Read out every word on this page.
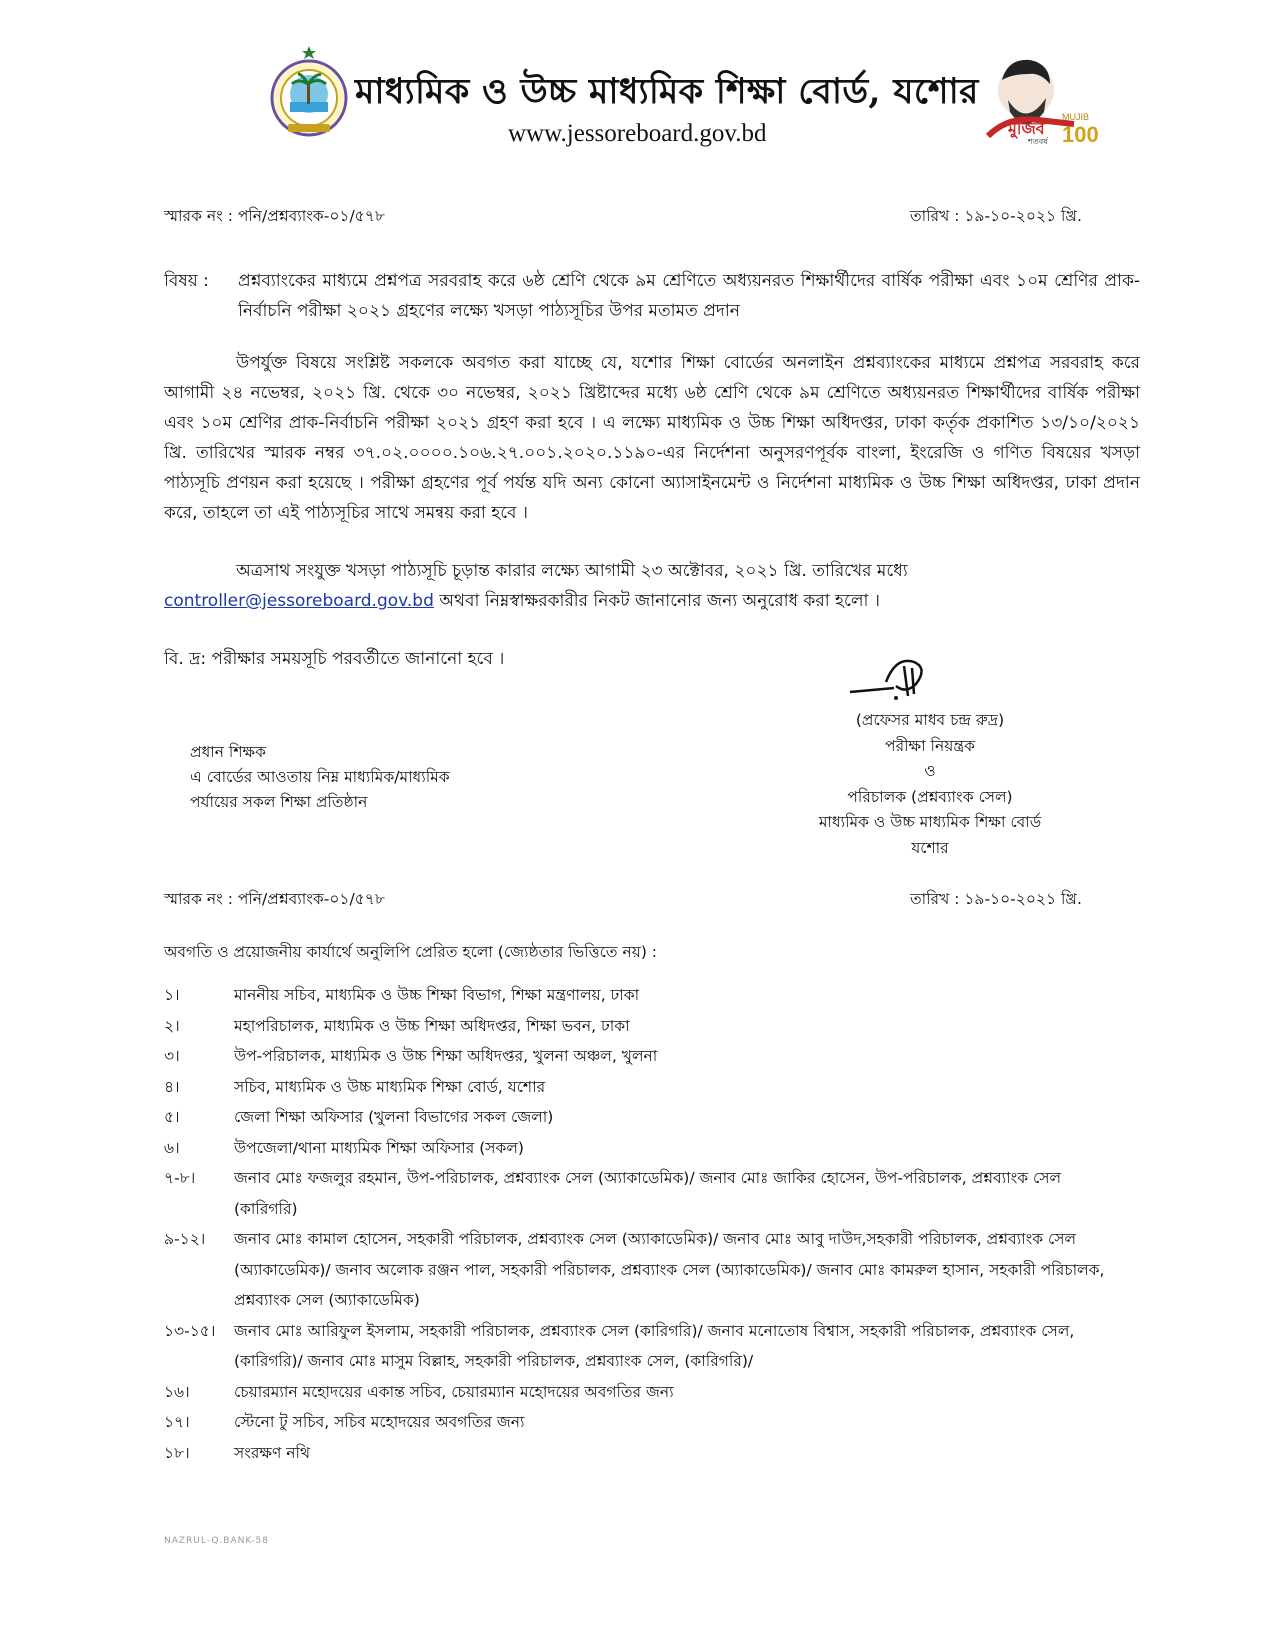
মাধ্যমিক ও উচ্চ মাধ্যমিক শিক্ষা বোর্ড, যশোর
www.jessoreboard.gov.bd	মুজিব
শতবর্ষ
MUJIB
100
স্মারক নং : পনি/প্রশ্নব্যাংক-০১/৫৭৮	তারিখ : ১৯-১০-২০২১ খ্রি.
বিষয় : প্রশ্নব্যাংকের মাধ্যমে প্রশ্নপত্র সরবরাহ করে ৬ষ্ঠ শ্রেণি থেকে ৯ম শ্রেণিতে অধ্যয়নরত শিক্ষার্থীদের বার্ষিক পরীক্ষা এবং ১০ম শ্রেণির প্রাক-নির্বাচনি পরীক্ষা ২০২১ গ্রহণের লক্ষ্যে খসড়া পাঠ্যসূচির উপর মতামত প্রদান
উপর্যুক্ত বিষয়ে সংশ্লিষ্ট সকলকে অবগত করা যাচ্ছে যে, যশোর শিক্ষা বোর্ডের অনলাইন প্রশ্নব্যাংকের মাধ্যমে প্রশ্নপত্র সরবরাহ করে আগামী ২৪ নভেম্বর, ২০২১ খ্রি. থেকে ৩০ নভেম্বর, ২০২১ খ্রিষ্টাব্দের মধ্যে ৬ষ্ঠ শ্রেণি থেকে ৯ম শ্রেণিতে অধ্যয়নরত শিক্ষার্থীদের বার্ষিক পরীক্ষা এবং ১০ম শ্রেণির প্রাক-নির্বাচনি পরীক্ষা ২০২১ গ্রহণ করা হবে । এ লক্ষ্যে মাধ্যমিক ও উচ্চ শিক্ষা অধিদপ্তর, ঢাকা কর্তৃক প্রকাশিত ১৩/১০/২০২১ খ্রি. তারিখের স্মারক নম্বর ৩৭.০২.০০০০.১০৬.২৭.০০১.২০২০.১১৯০-এর নির্দেশনা অনুসরণপূর্বক বাংলা, ইংরেজি ও গণিত বিষয়ের খসড়া পাঠ্যসূচি প্রণয়ন করা হয়েছে । পরীক্ষা গ্রহণের পূর্ব পর্যন্ত যদি অন্য কোনো অ্যাসাইনমেন্ট ও নির্দেশনা মাধ্যমিক ও উচ্চ শিক্ষা অধিদপ্তর, ঢাকা প্রদান করে, তাহলে তা এই পাঠ্যসূচির সাথে সমন্বয় করা হবে ।
অত্রসাথ সংযুক্ত খসড়া পাঠ্যসূচি চূড়ান্ত কারার লক্ষ্যে আগামী ২৩ অক্টোবর, ২০২১ খ্রি. তারিখের মধ্যে
controller@jessoreboard.gov.bd অথবা নিম্নস্বাক্ষরকারীর নিকট জানানোর জন্য অনুরোধ করা হলো ।
বি. দ্র: পরীক্ষার সময়সূচি পরবর্তীতে জানানো হবে ।
(প্রফেসর মাধব চন্দ্র রুদ্র)
পরীক্ষা নিয়ন্ত্রক
ও
পরিচালক (প্রশ্নব্যাংক সেল)
মাধ্যমিক ও উচ্চ মাধ্যমিক শিক্ষা বোর্ড
যশোর
প্রধান শিক্ষক
এ বোর্ডের আওতায় নিম্ন মাধ্যমিক/মাধ্যমিক
পর্যায়ের সকল শিক্ষা প্রতিষ্ঠান
স্মারক নং : পনি/প্রশ্নব্যাংক-০১/৫৭৮	তারিখ : ১৯-১০-২০২১ খ্রি.
অবগতি ও প্রয়োজনীয় কার্যার্থে অনুলিপি প্রেরিত হলো (জ্যেষ্ঠতার ভিত্তিতে নয়) :
১।	মাননীয় সচিব, মাধ্যমিক ও উচ্চ শিক্ষা বিভাগ, শিক্ষা মন্ত্রণালয়, ঢাকা
২।	মহাপরিচালক, মাধ্যমিক ও উচ্চ শিক্ষা অধিদপ্তর, শিক্ষা ভবন, ঢাকা
৩।	উপ-পরিচালক, মাধ্যমিক ও উচ্চ শিক্ষা অধিদপ্তর, খুলনা অঞ্চল, খুলনা
৪।	সচিব, মাধ্যমিক ও উচ্চ মাধ্যমিক শিক্ষা বোর্ড, যশোর
৫।	জেলা শিক্ষা অফিসার (খুলনা বিভাগের সকল জেলা)
৬।	উপজেলা/থানা মাধ্যমিক শিক্ষা অফিসার (সকল)
৭-৮।	জনাব মোঃ ফজলুর রহমান, উপ-পরিচালক, প্রশ্নব্যাংক সেল (অ্যাকাডেমিক)/ জনাব মোঃ জাকির হোসেন, উপ-পরিচালক, প্রশ্নব্যাংক সেল (কারিগরি)
৯-১২।	জনাব মোঃ কামাল হোসেন, সহকারী পরিচালক, প্রশ্নব্যাংক সেল (অ্যাকাডেমিক)/ জনাব মোঃ আবু দাউদ,সহকারী পরিচালক, প্রশ্নব্যাংক সেল (অ্যাকাডেমিক)/ জনাব অলোক রঞ্জন পাল, সহকারী পরিচালক, প্রশ্নব্যাংক সেল (অ্যাকাডেমিক)/ জনাব মোঃ কামরুল হাসান, সহকারী পরিচালক, প্রশ্নব্যাংক সেল (অ্যাকাডেমিক)
১৩-১৫।	জনাব মোঃ আরিফুল ইসলাম, সহকারী পরিচালক, প্রশ্নব্যাংক সেল (কারিগরি)/ জনাব মনোতোষ বিশ্বাস, সহকারী পরিচালক, প্রশ্নব্যাংক সেল, (কারিগরি)/ জনাব মোঃ মাসুম বিল্লাহ, সহকারী পরিচালক, প্রশ্নব্যাংক সেল, (কারিগরি)/
১৬।	চেয়ারম্যান মহোদয়ের একান্ত সচিব, চেয়ারম্যান মহোদয়ের অবগতির জন্য
১৭।	স্টেনো টু সচিব, সচিব মহোদয়ের অবগতির জন্য
১৮।	সংরক্ষণ নথি
NAZRUL-Q.BANK-58
